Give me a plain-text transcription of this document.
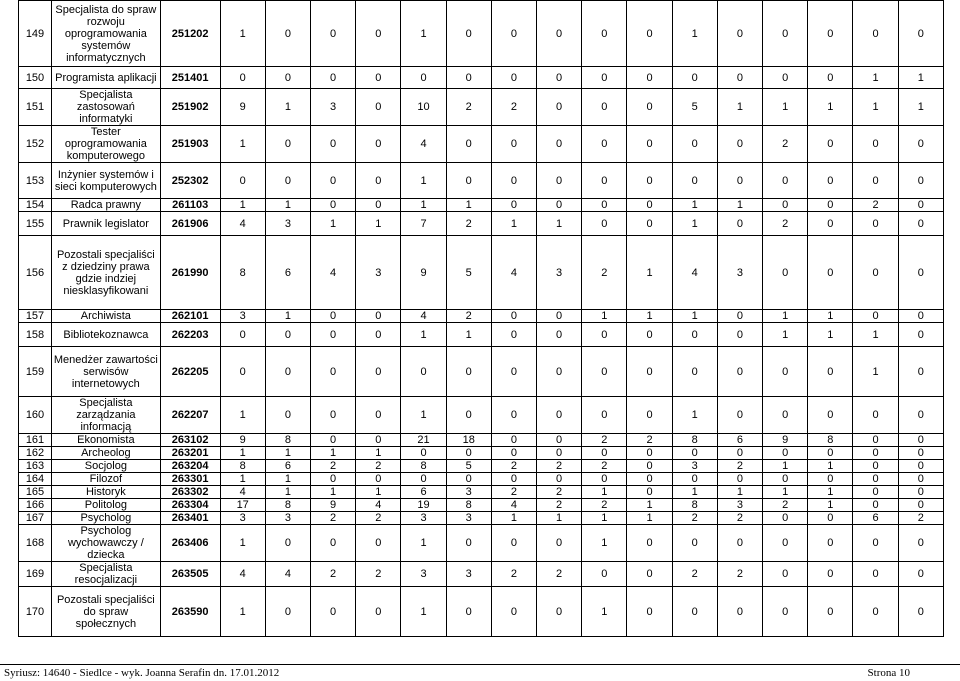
149	Specjalista do spraw rozwoju oprogramowania systemów informatycznych	251202	1	0	0	0	1	0	0	0	0	0	1	0	0	0	0	0
150	Programista aplikacji	251401	0	0	0	0	0	0	0	0	0	0	0	0	0	0	1	1
151	Specjalista zastosowań informatyki	251902	9	1	3	0	10	2	2	0	0	0	5	1	1	1	1	1
152	Tester oprogramowania komputerowego	251903	1	0	0	0	4	0	0	0	0	0	0	0	2	0	0	0
153	Inżynier systemów i sieci komputerowych	252302	0	0	0	0	1	0	0	0	0	0	0	0	0	0	0	0
154	Radca prawny	261103	1	1	0	0	1	1	0	0	0	0	1	1	0	0	2	0
155	Prawnik legislator	261906	4	3	1	1	7	2	1	1	0	0	1	0	2	0	0	0
156	Pozostali specjaliści z dziedziny prawa gdzie indziej niesklasyfikowani	261990	8	6	4	3	9	5	4	3	2	1	4	3	0	0	0	0
157	Archiwista	262101	3	1	0	0	4	2	0	0	1	1	1	0	1	1	0	0
158	Bibliotekoznawca	262203	0	0	0	0	1	1	0	0	0	0	0	0	1	1	1	0
159	Menedżer zawartości serwisów internetowych	262205	0	0	0	0	0	0	0	0	0	0	0	0	0	0	1	0
160	Specjalista zarządzania informacją	262207	1	0	0	0	1	0	0	0	0	0	1	0	0	0	0	0
161	Ekonomista	263102	9	8	0	0	21	18	0	0	2	2	8	6	9	8	0	0
162	Archeolog	263201	1	1	1	1	0	0	0	0	0	0	0	0	0	0	0	0
163	Socjolog	263204	8	6	2	2	8	5	2	2	2	0	3	2	1	1	0	0
164	Filozof	263301	1	1	0	0	0	0	0	0	0	0	0	0	0	0	0	0
165	Historyk	263302	4	1	1	1	6	3	2	2	1	0	1	1	1	1	0	0
166	Politolog	263304	17	8	9	4	19	8	4	2	2	1	8	3	2	1	0	0
167	Psycholog	263401	3	3	2	2	3	3	1	1	1	1	2	2	0	0	6	2
168	Psycholog wychowawczy / dziecka	263406	1	0	0	0	1	0	0	0	1	0	0	0	0	0	0	0
169	Specjalista resocjalizacji	263505	4	4	2	2	3	3	2	2	0	0	2	2	0	0	0	0
170	Pozostali specjaliści do spraw społecznych	263590	1	0	0	0	1	0	0	0	1	0	0	0	0	0	0	0
Syriusz: 14640 - Siedlce - wyk. Joanna Serafin dn. 17.01.2012	Strona 10
